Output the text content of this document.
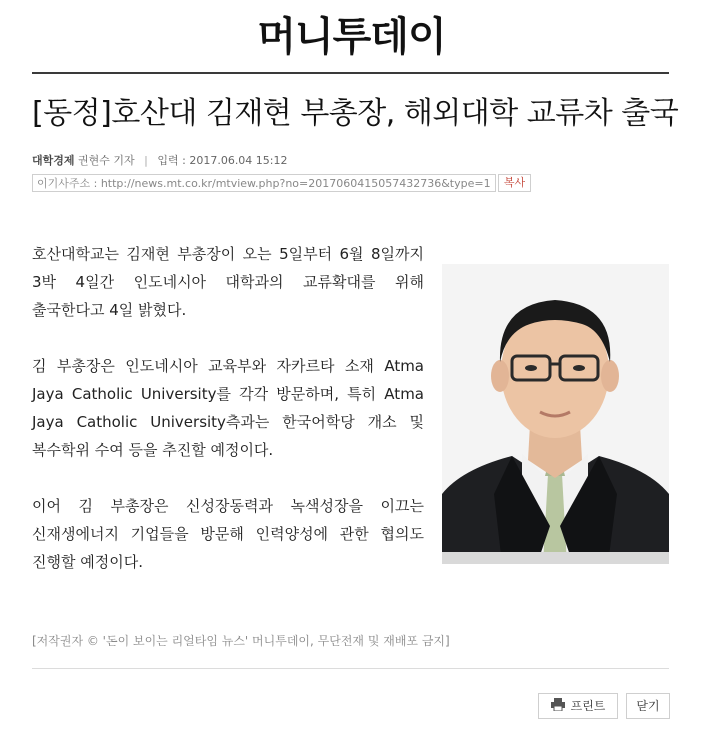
머니투데이
[동정]호산대 김재현 부총장, 해외대학 교류차 출국
대학경제 권현수 기자 | 입력 : 2017.06.04 15:12
이기사주소 : http://news.mt.co.kr/mtview.php?no=2017060415057432736&type=1	복사

호산대학교는 김재현 부총장이 오는 5일부터 6월 8일까지 3박 4일간 인도네시아 대학과의 교류확대를 위해 출국한다고 4일 밝혔다.

김 부총장은 인도네시아 교육부와 자카르타 소재 Atma Jaya Catholic University를 각각 방문하며, 특히 Atma Jaya Catholic University측과는 한국어학당 개소 및 복수학위 수여 등을 추진할 예정이다.

이어 김 부총장은 신성장동력과 녹색성장을 이끄는 신재생에너지 기업들을 방문해 인력양성에 관한 협의도 진행할 예정이다.

[저작권자 © '돈이 보이는 리얼타임 뉴스' 머니투데이, 무단전재 및 재배포 금지]
프린트	닫기
